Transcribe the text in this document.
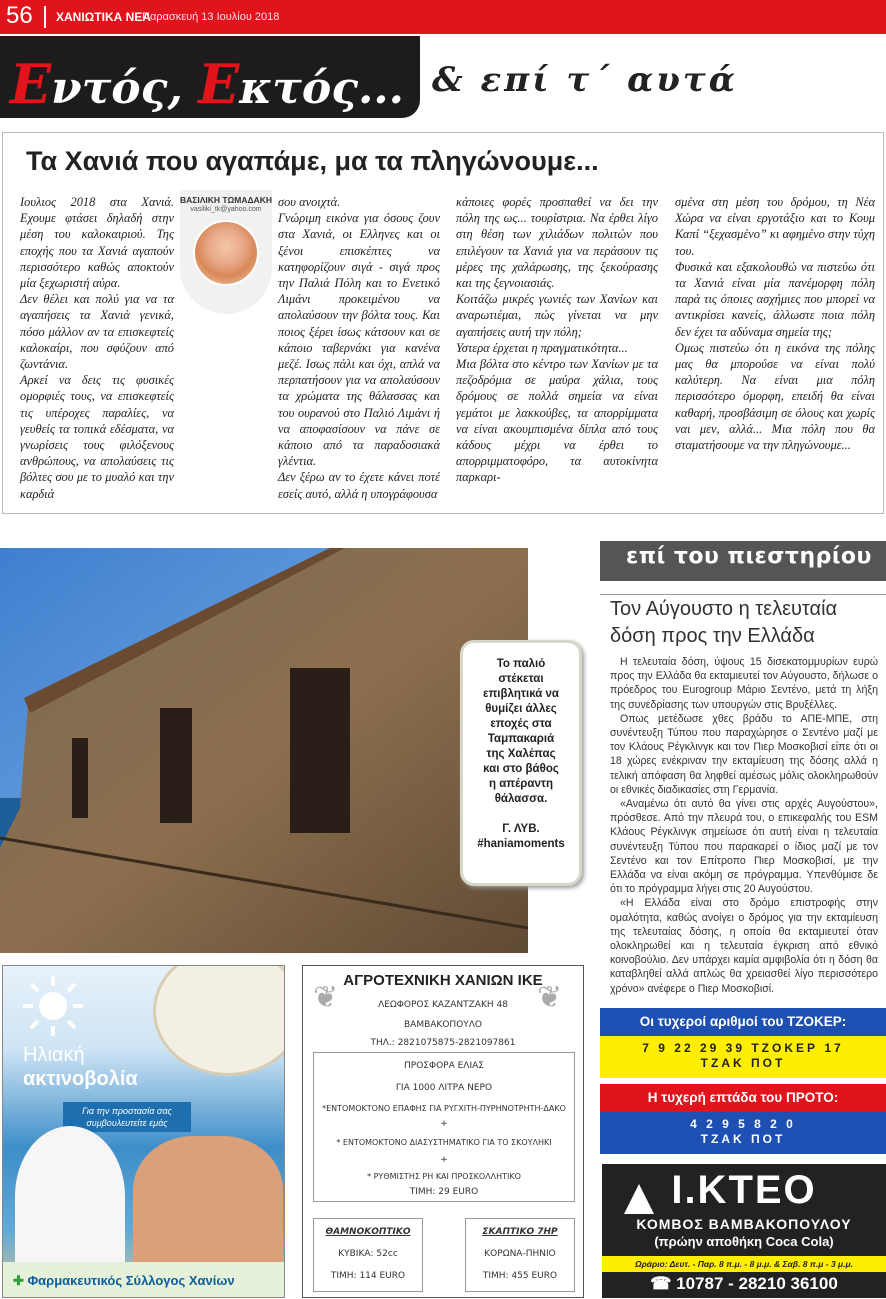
56 ΧΑΝΙΩΤΙΚΑ ΝΕΑ
Παρασκευή 13 Ιουλίου 2018
Εντός, Εκτός... & επί τ΄ αυτά
Τα Χανιά που αγαπάμε, μα τα πληγώνουμε...
ΒΑΣΙΛΙΚΗ ΤΩΜΑΔΑΚΗ
vasiliki_tk@yahoo.com

Ιουλιος 2018 στα Χανιά. Εχουμε φτάσει δηλαδή στην μέση του καλοκαιριού. Της εποχής που τα Χανιά αγαπούν περισσότερο καθώς αποκτούν μία ξεχωριστή αύρα.

Δεν θέλει και πολύ για να τα αγαπήσεις τα Χανιά γενικά, πόσο μάλλον αν τα επισκεφτείς καλοκαίρι, που σφύζουν από ζωντάνια.

Αρκεί να δεις τις φυσικές ομορφιές τους, να επισκεφτείς τις υπέροχες παραλίες, να γευθείς τα τοπικά εδέσματα, να γνωρίσεις τους φιλόξενους ανθρώπους, να απολαύσεις τις βόλτες σου με το μυαλό και την καρδιά

σου ανοιχτά.

Γνώριμη εικόνα για όσους ζουν στα Χανιά, οι Ελληνες και οι ξένοι επισκέπτες να κατηφορίζουν σιγά - σιγά προς την Παλιά Πόλη και το Ενετικό Λιμάνι προκειμένου να απολαύσουν την βόλτα τους. Και ποιος ξέρει ίσως κάτσουν και σε κάποιο ταβερνάκι για κανένα μεζέ. Ισως πάλι και όχι, απλά να περπατήσουν για να απολαύσουν τα χρώματα της θάλασσας και του ουρανού στο Παλιό Λιμάνι ή να αποφασίσουν να πάνε σε κάποιο από τα παραδοσιακά γλέντια.

Δεν ξέρω αν το έχετε κάνει ποτέ εσείς αυτό, αλλά η υπογράφουσα

κάποιες φορές προσπαθεί να δει την πόλη της ως... τουρίστρια. Να έρθει λίγο στη θέση των χιλιάδων πολιτών που επιλέγουν τα Χανιά για να περάσουν τις μέρες της χαλάρωσης, της ξεκούρασης και της ξεγνοιασιάς.

Κοιτάζω μικρές γωνιές των Χανίων και αναρωτιέμαι, πώς γίνεται να μην αγαπήσεις αυτή την πόλη;

Υστερα έρχεται η πραγματικότητα...

Μια βόλτα στο κέντρο των Χανίων με τα πεζοδρόμια σε μαύρα χάλια, τους δρόμους σε πολλά σημεία να είναι γεμάτοι με λακκούβες, τα απορρίμματα να είναι ακουμπισμένα δίπλα από τους κάδους μέχρι να έρθει το απορριμματοφόρο, τα αυτοκίνητα παρκαρι-

σμένα στη μέση του δρόμου, τη Νέα Χώρα να είναι εργοτάξιο και το Κουμ Καπί “ξεχασμένο” κι αφημένο στην τύχη του.

Φυσικά και εξακολουθώ να πιστεύω ότι τα Χανιά είναι μία πανέμορφη πόλη παρά τις όποιες ασχήμιες που μπορεί να αντικρίσει κανείς, άλλωστε ποια πόλη δεν έχει τα αδύναμα σημεία της;

Ομως πιστεύω ότι η εικόνα της πόλης μας θα μπορούσε να είναι πολύ καλύτερη. Να είναι μια πόλη περισσότερο όμορφη, επειδή θα είναι καθαρή, προσβάσιμη σε όλους και χωρίς ναι μεν, αλλά... Μια πόλη που θα σταματήσουμε να την πληγώνουμε...

Το παλιό
στέκεται
επιβλητικά να
θυμίζει άλλες
εποχές στα
Ταμπακαριά
της Χαλέπας
και στο βάθος
η απέραντη
θάλασσα.
Γ. ΛΥΒ.
#haniamoments
επί του πιεστηρίου
Τον Αύγουστο η τελευταία δόση προς την Ελλάδα

Η τελευταία δόση, ύψους 15 δισεκατομμυρίων ευρώ προς την Ελλάδα θα εκταμιευτεί τον Αύγουστο, δήλωσε ο πρόεδρος του Eurogroup Μάριο Σεντένο, μετά τη λήξη της συνεδρίασης των υπουργών στις Βρυξέλλες.

Οπως μετέδωσε χθες βράδυ το ΑΠΕ-ΜΠΕ, στη συνέντευξη Τύπου που παραχώρησε ο Σεντένο μαζί με τον Κλάους Ρέγκλινγκ και τον Πιερ Μοσκοβισί είπε ότι οι 18 χώρες ενέκριναν την εκταμίευση της δόσης αλλά η τελική απόφαση θα ληφθεί αμέσως μόλις ολοκληρωθούν οι εθνικές διαδικασίες στη Γερμανία.

«Αναμένω ότι αυτό θα γίνει στις αρχές Αυγούστου», πρόσθεσε. Από την πλευρά του, ο επικεφαλής του ESM Κλάους Ρέγκλινγκ σημείωσε ότι αυτή είναι η τελευταία συνέντευξη Τύπου που παρακαρεί ο ίδιος μαζί με τον Σεντένο και τον Επίτροπο Πιερ Μοσκοβισί, με την Ελλάδα να είναι ακόμη σε πρόγραμμα. Υπενθύμισε δε ότι το πρόγραμμα λήγει στις 20 Αυγούστου.

«Η Ελλάδα είναι στο δρόμο επιστροφής στην ομαλότητα, καθώς ανοίγει ο δρόμος για την εκταμίευση της τελευταίας δόσης, η οποία θα εκταμιευτεί όταν ολοκληρωθεί και η τελευταία έγκριση από εθνικό κοινοβούλιο. Δεν υπάρχει καμία αμφιβολία ότι η δόση θα καταβληθεί αλλά απλώς θα χρειασθεί λίγο περισσότερο χρόνο» ανέφερε ο Πιερ Μοσκοβισί.

Οι τυχεροί αριθμοί του ΤΖΟΚΕΡ:
7 9 22 29 39 ΤΖΟΚΕΡ 17
ΤΖΑΚ ΠΟΤ
Η τυχερή επτάδα του ΠΡΟΤΟ:
4 2 9 5 8 2 0
ΤΖΑΚ ΠΟΤ
Ι.ΚΤΕΟ
ΚΟΜΒΟΣ ΒΑΜΒΑΚΟΠΟΥΛΟΥ
(πρώην αποθήκη Coca Cola)
Ωράριο: Δευτ. - Παρ. 8 π.μ. - 8 μ.μ. & Σαβ. 8 π.μ - 3 μ.μ.
☎ 10787 - 28210 36100
Ηλιακή
ακτινοβολία
Για την προστασία σας συμβουλευτείτε εμάς
✚ Φαρμακευτικός Σύλλογος Χανίων
ΑΓΡΟΤΕΧΝΙΚΗ ΧΑΝΙΩΝ ΙΚΕ
ΛΕΩΦΟΡΟΣ ΚΑΖΑΝΤΖΑΚΗ 48
ΒΑΜΒΑΚΟΠΟΥΛΟ
ΤΗΛ.: 2821075875-2821097861
❦	❦
ΠΡΟΣΦΟΡΑ ΕΛΙΑΣ
ΓΙΑ 1000 ΛΙΤΡΑ ΝΕΡΟ
*ΕΝΤΟΜΟΚΤΟΝΟ ΕΠΑΦΗΣ ΓΙΑ ΡΥΓΧΙΤΗ-ΠΥΡΗΝΟΤΡΗΤΗ-ΔΑΚΟ
+
* ΕΝΤΟΜΟΚΤΟΝΟ ΔΙΑΣΥΣΤΗΜΑΤΙΚΟ ΓΙΑ ΤΟ ΣΚΟΥΛΗΚΙ
+
* ΡΥΘΜΙΣΤΗΣ ΡΗ ΚΑΙ ΠΡΟΣΚΟΛΛΗΤΙΚΟ
ΤΙΜΗ: 29 EURO
ΘΑΜΝΟΚΟΠΤΙΚΟ
ΚΥΒΙΚΑ: 52cc
ΤΙΜΗ: 114 EURO
ΣΚΑΠΤΙΚΟ 7ΗΡ
ΚΟΡΩΝΑ-ΠΗΝΙΟ
ΤΙΜΗ: 455 EURO
